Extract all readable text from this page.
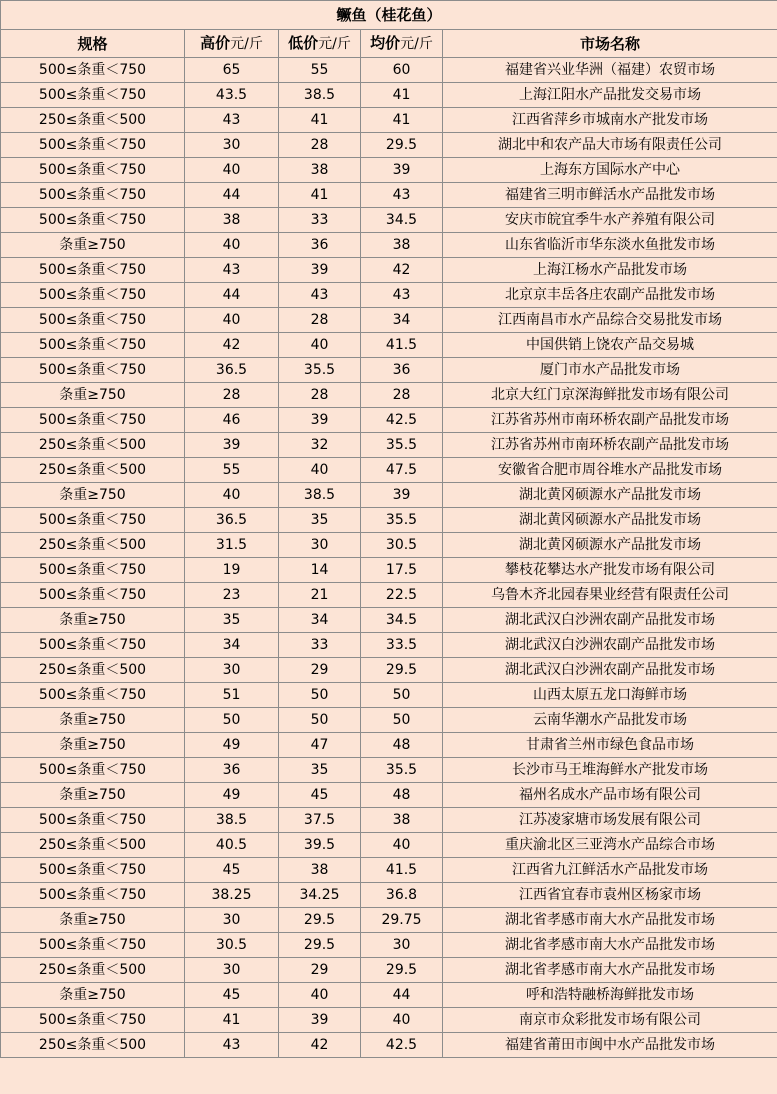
鳜鱼（桂花鱼）				
规格	高价元/斤	低价元/斤	均价元/斤	市场名称
500≤条重＜750	65	55	60	福建省兴业华洲（福建）农贸市场
500≤条重＜750	43.5	38.5	41	上海江阳水产品批发交易市场
250≤条重＜500	43	41	41	江西省萍乡市城南水产批发市场
500≤条重＜750	30	28	29.5	湖北中和农产品大市场有限责任公司
500≤条重＜750	40	38	39	上海东方国际水产中心
500≤条重＜750	44	41	43	福建省三明市鲜活水产品批发市场
500≤条重＜750	38	33	34.5	安庆市皖宜季牛水产养殖有限公司
条重≥750	40	36	38	山东省临沂市华东淡水鱼批发市场
500≤条重＜750	43	39	42	上海江杨水产品批发市场
500≤条重＜750	44	43	43	北京京丰岳各庄农副产品批发市场
500≤条重＜750	40	28	34	江西南昌市水产品综合交易批发市场
500≤条重＜750	42	40	41.5	中国供销上饶农产品交易城
500≤条重＜750	36.5	35.5	36	厦门市水产品批发市场
条重≥750	28	28	28	北京大红门京深海鲜批发市场有限公司
500≤条重＜750	46	39	42.5	江苏省苏州市南环桥农副产品批发市场
250≤条重＜500	39	32	35.5	江苏省苏州市南环桥农副产品批发市场
250≤条重＜500	55	40	47.5	安徽省合肥市周谷堆水产品批发市场
条重≥750	40	38.5	39	湖北黄冈硕源水产品批发市场
500≤条重＜750	36.5	35	35.5	湖北黄冈硕源水产品批发市场
250≤条重＜500	31.5	30	30.5	湖北黄冈硕源水产品批发市场
500≤条重＜750	19	14	17.5	攀枝花攀达水产批发市场有限公司
500≤条重＜750	23	21	22.5	乌鲁木齐北园春果业经营有限责任公司
条重≥750	35	34	34.5	湖北武汉白沙洲农副产品批发市场
500≤条重＜750	34	33	33.5	湖北武汉白沙洲农副产品批发市场
250≤条重＜500	30	29	29.5	湖北武汉白沙洲农副产品批发市场
500≤条重＜750	51	50	50	山西太原五龙口海鲜市场
条重≥750	50	50	50	云南华潮水产品批发市场
条重≥750	49	47	48	甘肃省兰州市绿色食品市场
500≤条重＜750	36	35	35.5	长沙市马王堆海鲜水产批发市场
条重≥750	49	45	48	福州名成水产品市场有限公司
500≤条重＜750	38.5	37.5	38	江苏凌家塘市场发展有限公司
250≤条重＜500	40.5	39.5	40	重庆渝北区三亚湾水产品综合市场
500≤条重＜750	45	38	41.5	江西省九江鲜活水产品批发市场
500≤条重＜750	38.25	34.25	36.8	江西省宜春市袁州区杨家市场
条重≥750	30	29.5	29.75	湖北省孝感市南大水产品批发市场
500≤条重＜750	30.5	29.5	30	湖北省孝感市南大水产品批发市场
250≤条重＜500	30	29	29.5	湖北省孝感市南大水产品批发市场
条重≥750	45	40	44	呼和浩特融桥海鲜批发市场
500≤条重＜750	41	39	40	南京市众彩批发市场有限公司
250≤条重＜500	43	42	42.5	福建省莆田市闽中水产品批发市场
